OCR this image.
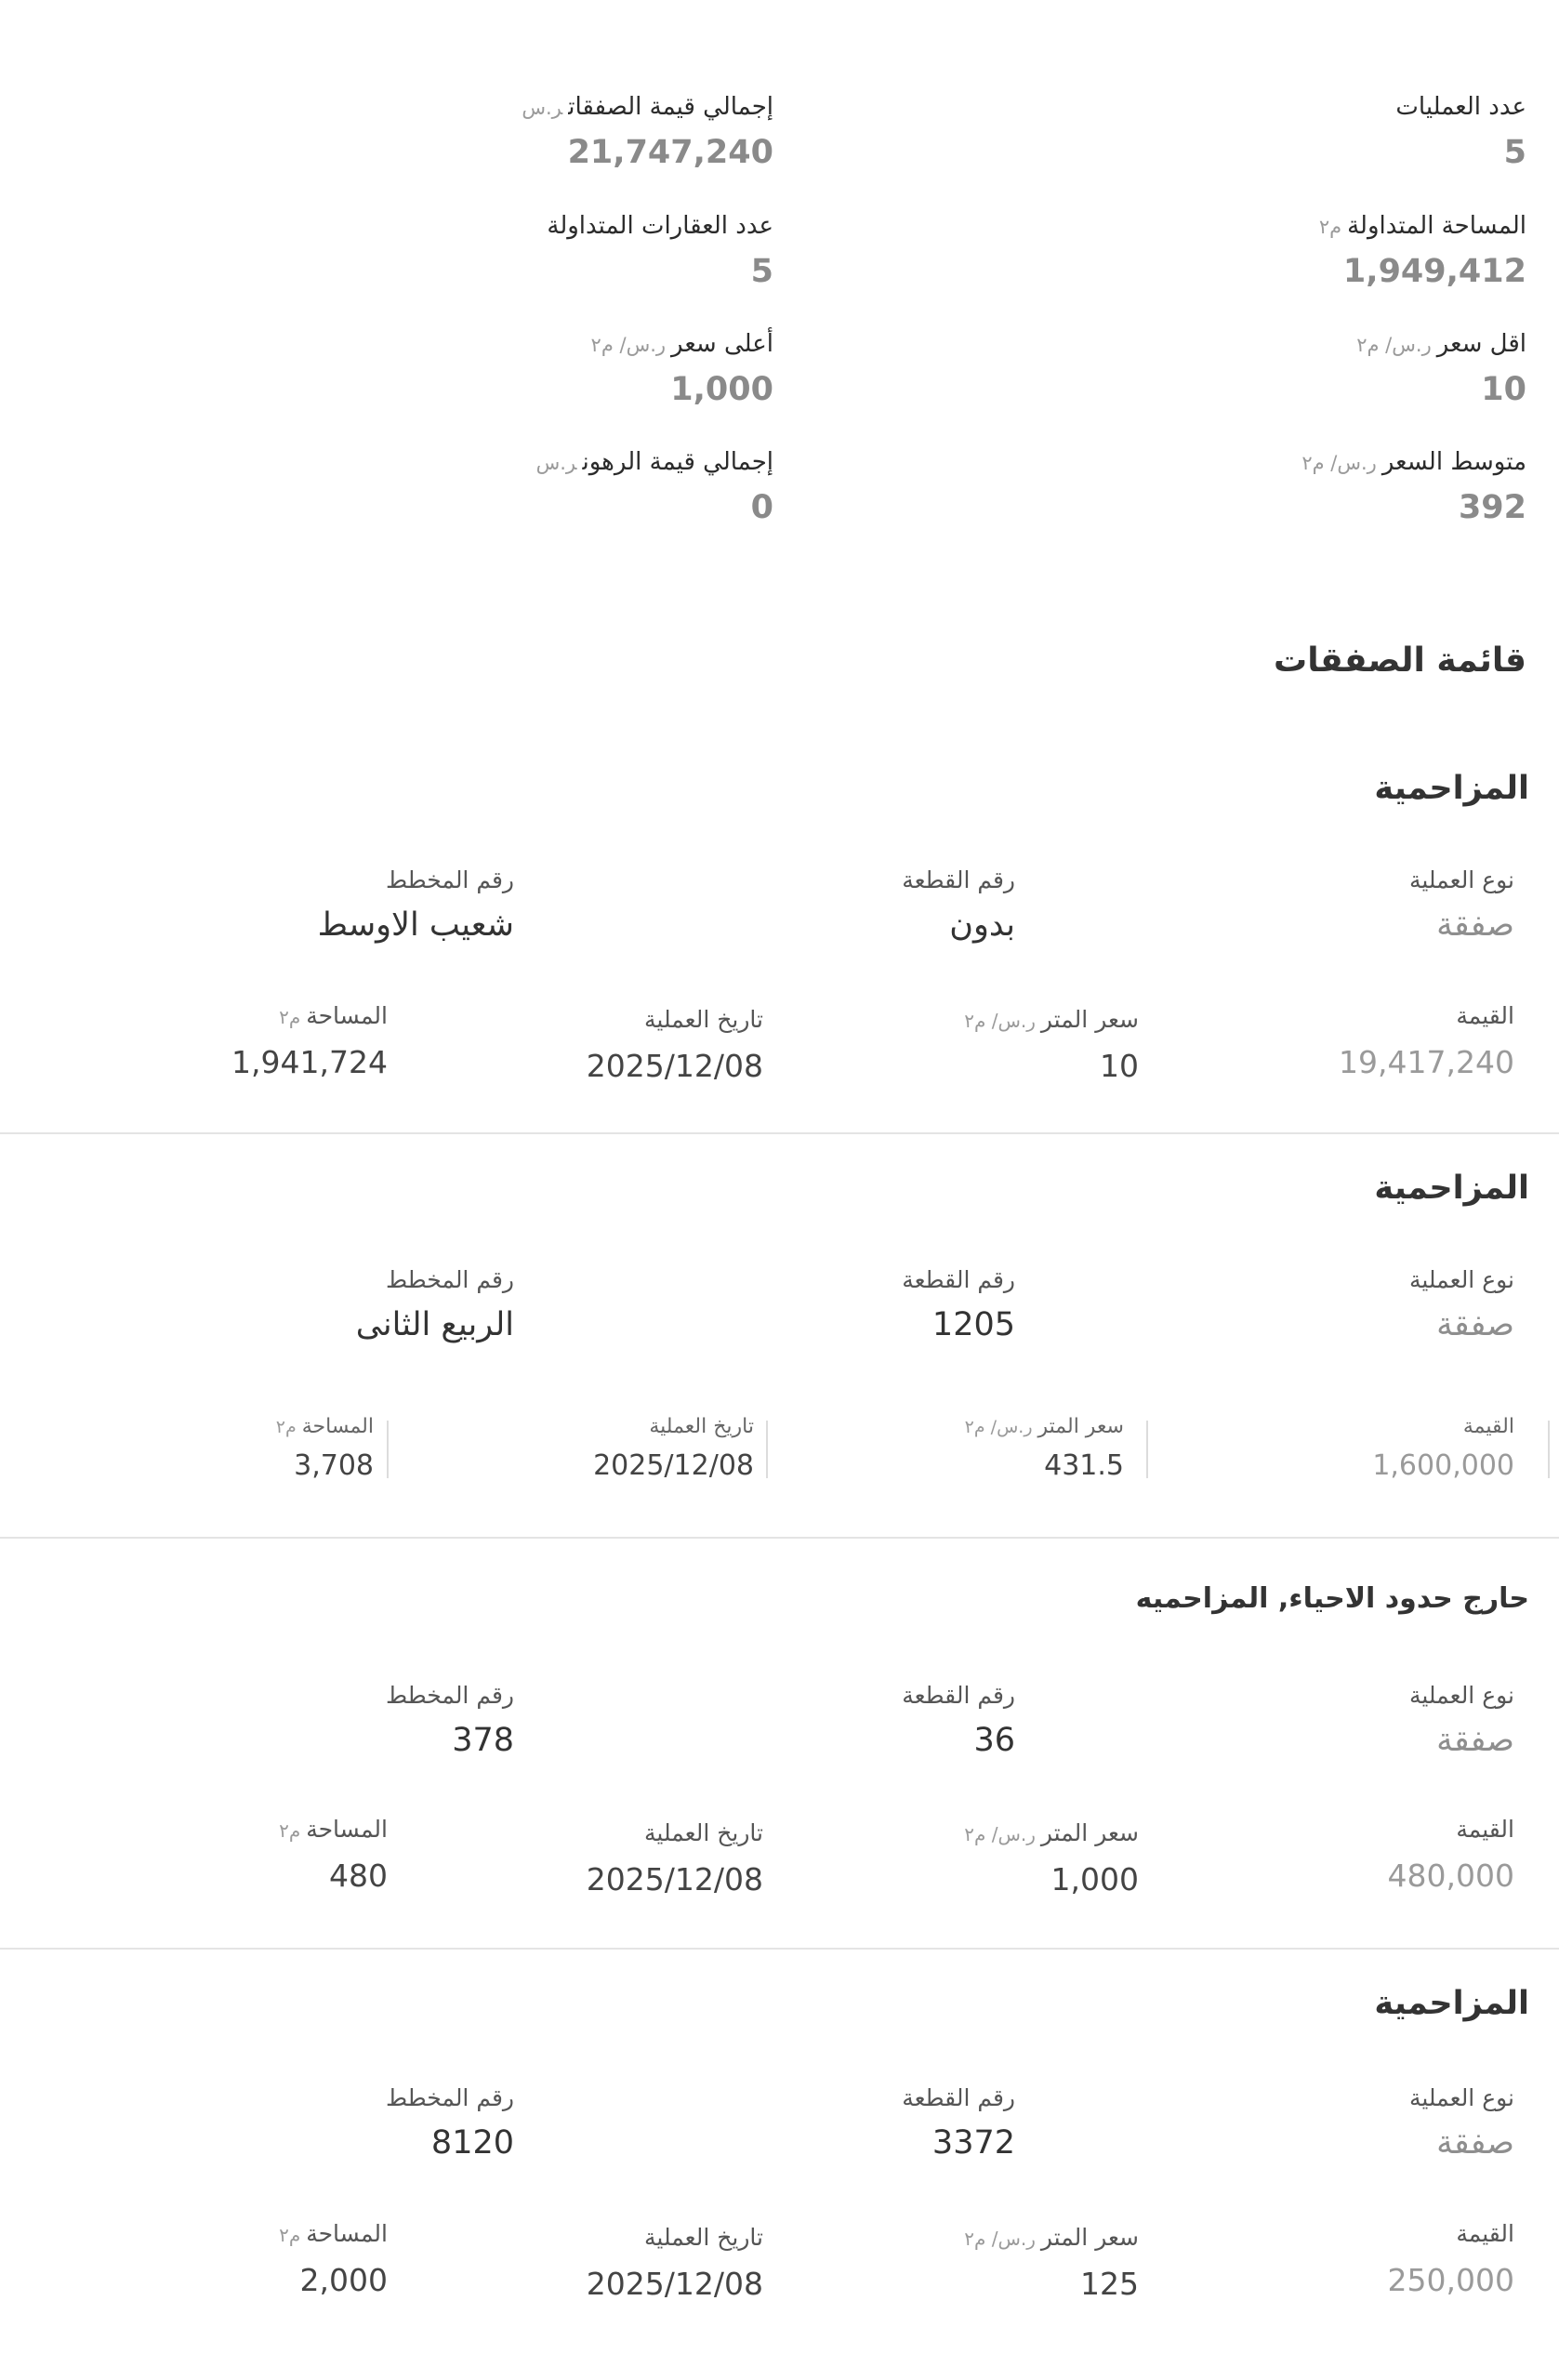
عدد العمليات
5
إجمالي قيمة الصفقاتر.س
21,747,240
المساحة المتداولةم٢
1,949,412
عدد العقارات المتداولة
5
اقل سعرر.س/ م٢
10
أعلى سعرر.س/ م٢
1,000
متوسط السعرر.س/ م٢
392
إجمالي قيمة الرهونر.س
0
قائمة الصفقات
المزاحمية
نوع العملية
صفقة
رقم القطعة
بدون
رقم المخطط
شعيب الاوسط
القيمة
19,417,240
سعر المترر.س/ م٢
10
تاريخ العملية
2025/12/08
المساحةم٢
1,941,724
المزاحمية
نوع العملية
صفقة
رقم القطعة
1205
رقم المخطط
الربيع الثانى
القيمة
1,600,000
سعر المترر.س/ م٢
431.5
تاريخ العملية
2025/12/08
المساحةم٢
3,708
حارج حدود الاحياء, المزاحميه
نوع العملية
صفقة
رقم القطعة
36
رقم المخطط
378
القيمة
480,000
سعر المترر.س/ م٢
1,000
تاريخ العملية
2025/12/08
المساحةم٢
480
المزاحمية
نوع العملية
صفقة
رقم القطعة
3372
رقم المخطط
8120
القيمة
250,000
سعر المترر.س/ م٢
125
تاريخ العملية
2025/12/08
المساحةم٢
2,000
